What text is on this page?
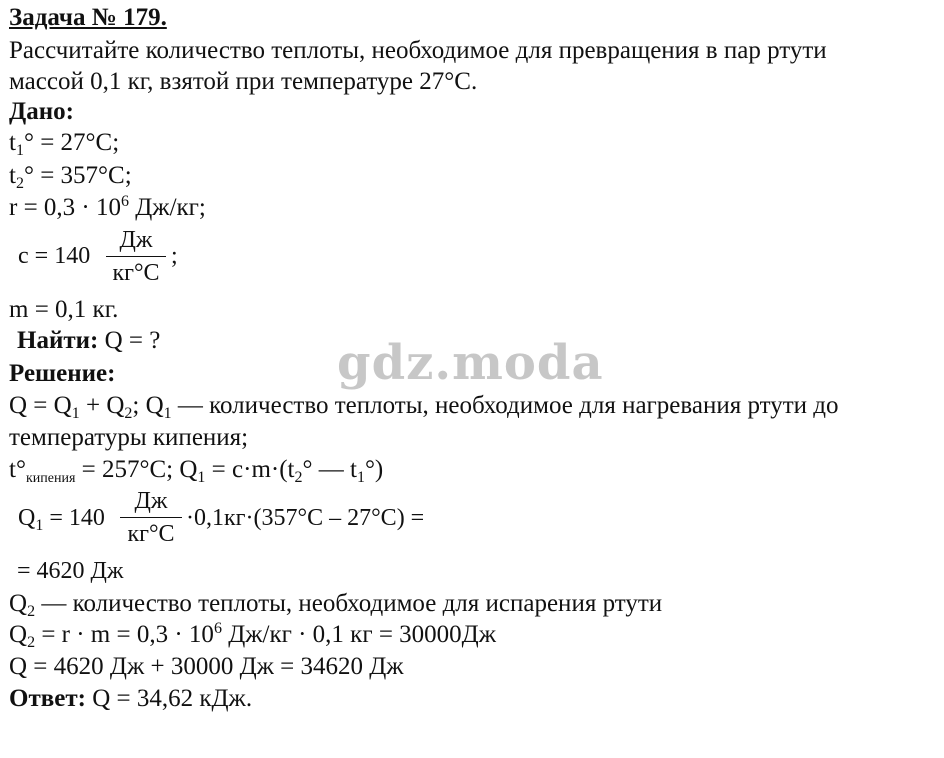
Задача № 179.
Рассчитайте количество теплоты, необходимое для превращения в пар ртути
массой 0,1 кг, взятой при температуре 27°С.
Дано:
$t_1^\circ = 27^\circ С$;
$t_2^\circ = 357^\circ С$;
$r = 0,3 \cdot 10^6$ Дж/кг;
c = 140
Дж
кг°С
;
m = 0,1 кг.
Найти: Q = ?	gdz.moda
Решение:
$Q = Q_1 + Q_2$; $Q_1$ — количество теплоты, необходимое для нагревания ртути до
температуры кипения;
$t^\circ_{кипения} = 257^\circ С$; $Q_1 = c\cdot m\cdot(t_2^\circ$ — $t_1^\circ$)
$Q_1 = 140$
Дж
кг°С
·0,1кг·(357°С – 27°С) =
= 4620 Дж
$Q_2$ — количество теплоты, необходимое для испарения ртути
$Q_2 = r \cdot m = 0,3 \cdot 10^6$ Дж/кг · 0,1 кг = 30000Дж
Q = 4620 Дж + 30000 Дж = 34620 Дж
Ответ: Q = 34,62 кДж.
